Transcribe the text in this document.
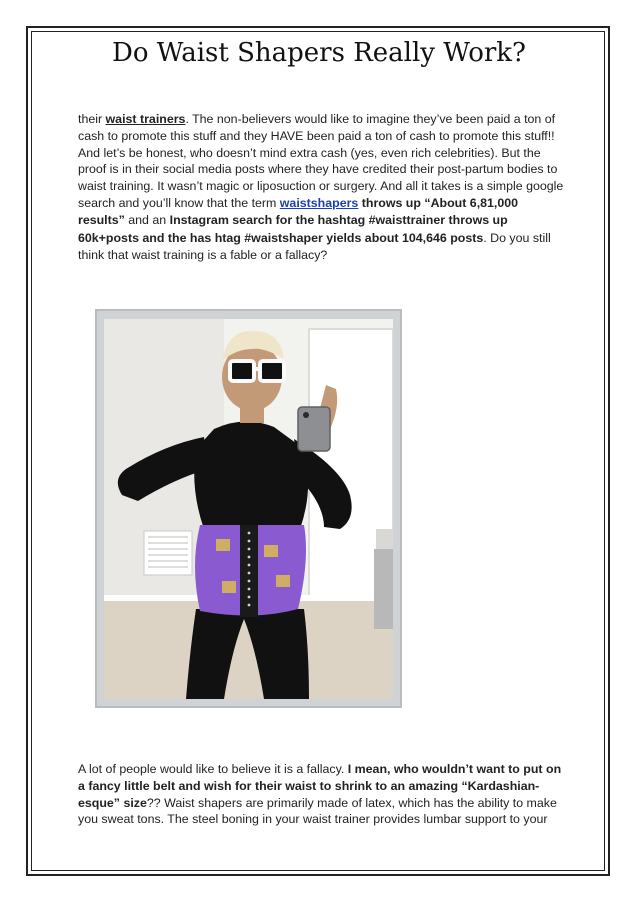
Do Waist Shapers Really Work?

their waist trainers. The non-believers would like to imagine they’ve been paid a ton of cash to promote this stuff and they HAVE been paid a ton of cash to promote this stuff!! And let’s be honest, who doesn’t mind extra cash (yes, even rich celebrities). But the proof is in their social media posts where they have credited their post-partum bodies to waist training. It wasn’t magic or liposuction or surgery. And all it takes is a simple google search and you’ll know that the term waistshapers throws up “About 6,81,000 results” and an Instagram search for the hashtag #waisttrainer throws up

60k+posts and the has htag #waistshaper yields about 104,646 posts. Do you still think that waist training is a fable or a fallacy?

A lot of people would like to believe it is a fallacy. I mean, who wouldn’t want to put on a fancy little belt and wish for their waist to shrink to an amazing “Kardashian-esque” size?? Waist shapers are primarily made of latex, which has the ability to make you sweat tons. The steel boning in your waist trainer provides lumbar support to your
